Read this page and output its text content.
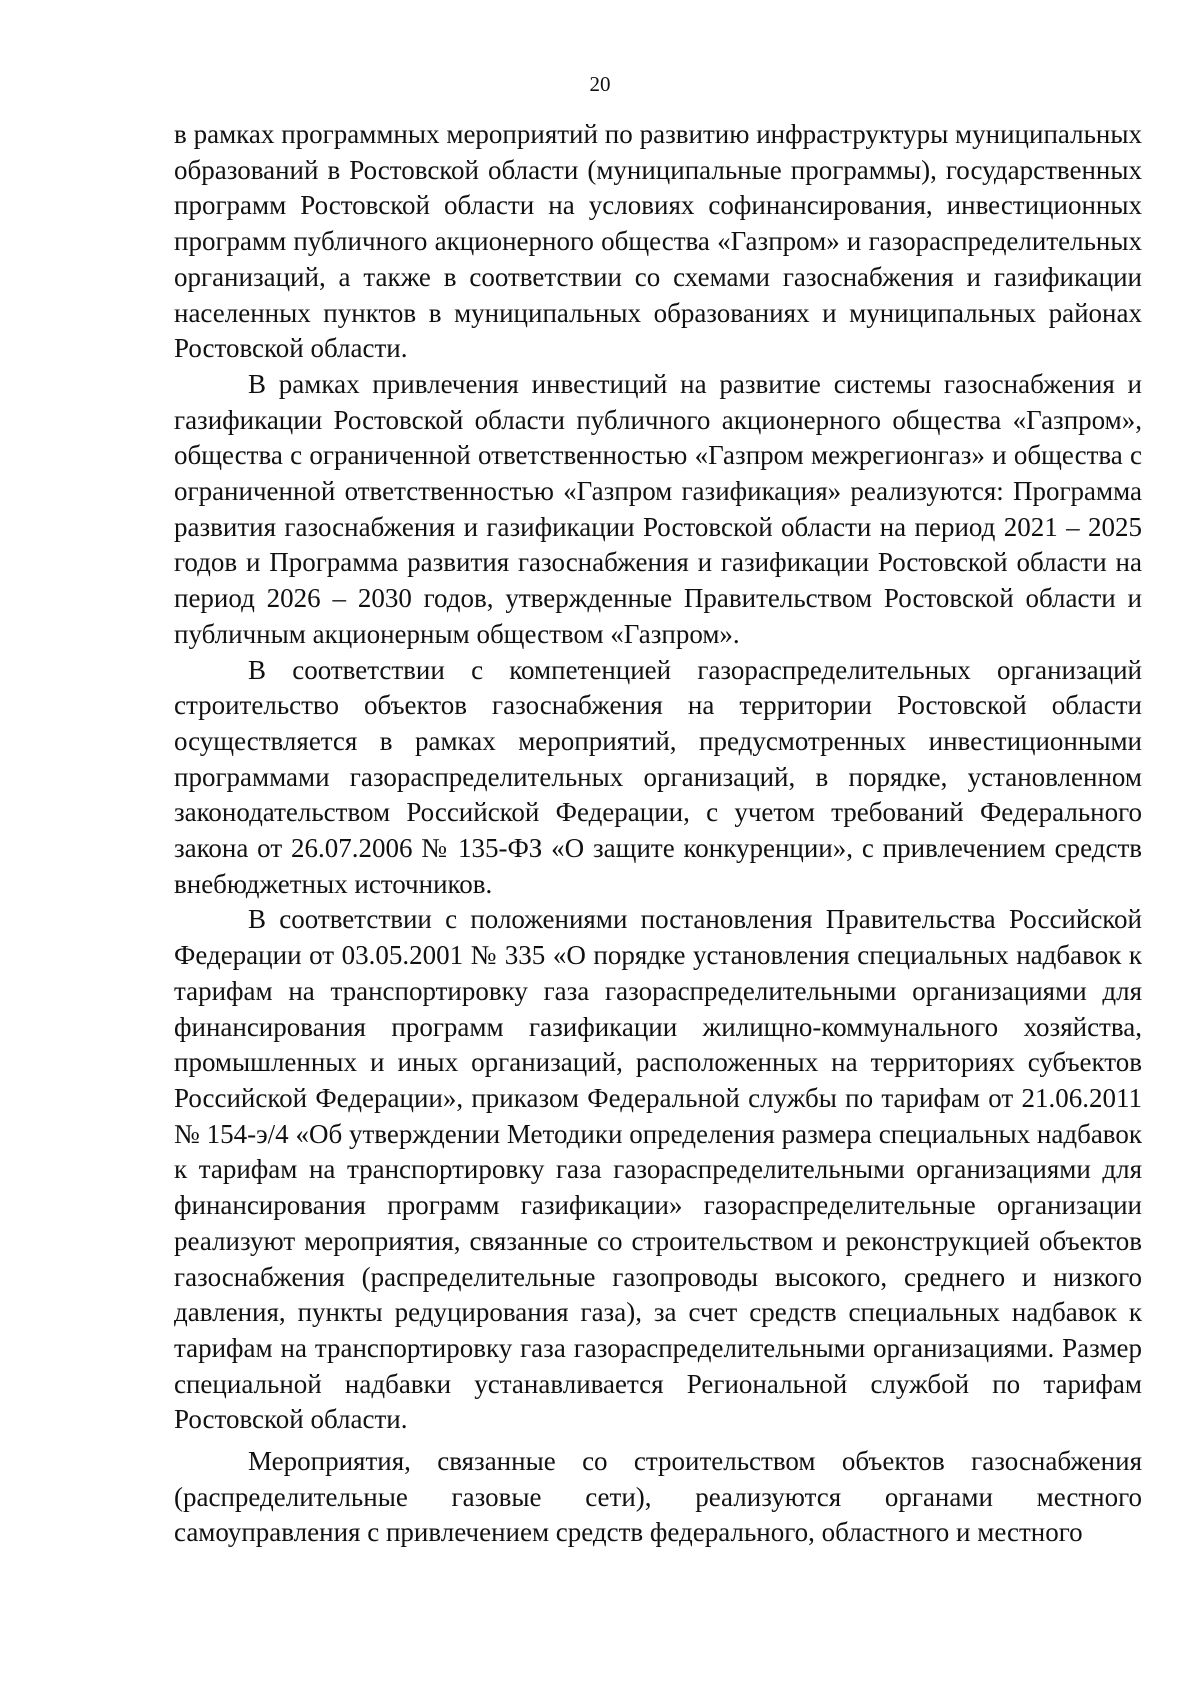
20

в рамках программных мероприятий по развитию инфраструктуры муниципальных образований в Ростовской области (муниципальные программы), государственных программ Ростовской области на условиях софинансирования, инвестиционных программ публичного акционерного общества «Газпром» и газораспределительных организаций, а также в соответствии со схемами газоснабжения и газификации населенных пунктов в муниципальных образованиях и муниципальных районах Ростовской области.

В рамках привлечения инвестиций на развитие системы газоснабжения и газификации Ростовской области публичного акционерного общества «Газпром», общества с ограниченной ответственностью «Газпром межрегионгаз» и общества с ограниченной ответственностью «Газпром газификация» реализуются: Программа развития газоснабжения и газификации Ростовской области на период 2021 – 2025 годов и Программа развития газоснабжения и газификации Ростовской области на период 2026 – 2030 годов, утвержденные Правительством Ростовской области и публичным акционерным обществом «Газпром».

В соответствии с компетенцией газораспределительных организаций строительство объектов газоснабжения на территории Ростовской области осуществляется в рамках мероприятий, предусмотренных инвестиционными программами газораспределительных организаций, в порядке, установленном законодательством Российской Федерации, с учетом требований Федерального закона от 26.07.2006 № 135-ФЗ «О защите конкуренции», с привлечением средств внебюджетных источников.

В соответствии с положениями постановления Правительства Российской Федерации от 03.05.2001 № 335 «О порядке установления специальных надбавок к тарифам на транспортировку газа газораспределительными организациями для финансирования программ газификации жилищно-коммунального хозяйства, промышленных и иных организаций, расположенных на территориях субъектов Российской Федерации», приказом Федеральной службы по тарифам от 21.06.2011 № 154-э/4 «Об утверждении Методики определения размера специальных надбавок к тарифам на транспортировку газа газораспределительными организациями для финансирования программ газификации» газораспределительные организации реализуют мероприятия, связанные со строительством и реконструкцией объектов газоснабжения (распределительные газопроводы высокого, среднего и низкого давления, пункты редуцирования газа), за счет средств специальных надбавок к тарифам на транспортировку газа газораспределительными организациями. Размер специальной надбавки устанавливается Региональной службой по тарифам Ростовской области.

Мероприятия, связанные со строительством объектов газоснабжения (распределительные газовые сети), реализуются органами местного самоуправления с привлечением средств федерального, областного и местного
